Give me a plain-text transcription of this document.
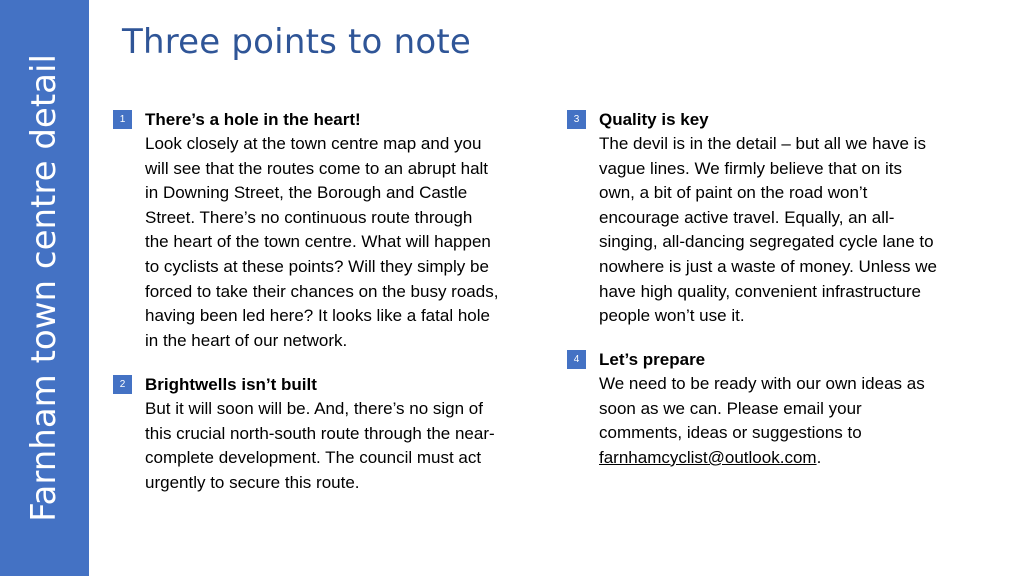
Farnham town centre detail
Three points to note
1	There’s a hole in the heart!
Look closely at the town centre map and you
will see that the routes come to an abrupt halt
in Downing Street, the Borough and Castle
Street. There’s no continuous route through
the heart of the town centre. What will happen
to cyclists at these points? Will they simply be
forced to take their chances on the busy roads,
having been led here? It looks like a fatal hole
in the heart of our network.
2	Brightwells isn’t built
But it will soon will be. And, there’s no sign of
this crucial north-south route through the near-
complete development. The council must act
urgently to secure this route.
3	Quality is key
The devil is in the detail – but all we have is
vague lines. We firmly believe that on its
own, a bit of paint on the road won’t
encourage active travel. Equally, an all-
singing, all-dancing segregated cycle lane to
nowhere is just a waste of money. Unless we
have high quality, convenient infrastructure
people won’t use it.
4	Let’s prepare
We need to be ready with our own ideas as
soon as we can. Please email your
comments, ideas or suggestions to
farnhamcyclist@outlook.com.
